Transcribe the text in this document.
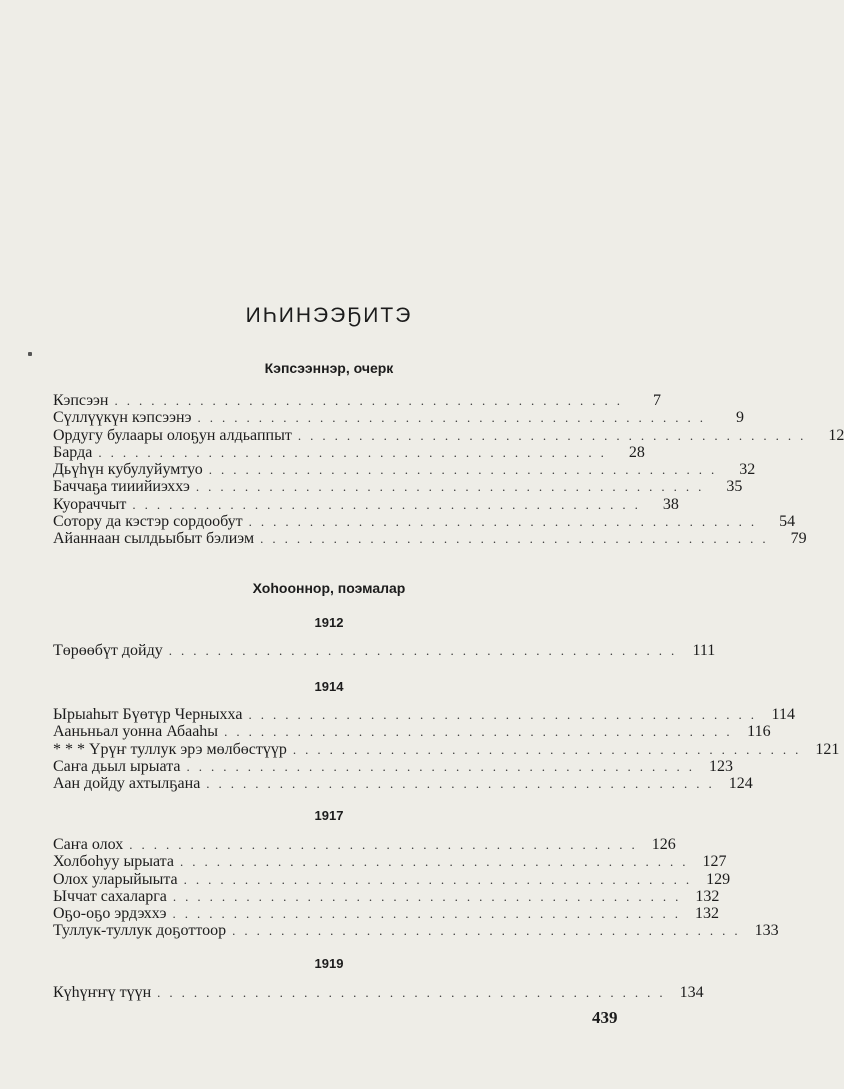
ИҺИНЭЭҔИТЭ
Кэпсээннэр, очерк
Кэпсээн ..........................................	7
Сүллүүкүн кэпсээнэ ..........................................	9
Ордугу булаары олоҕун алдьаппыт ..........................................	12
Барда ..........................................	28
Дьүһүн кубулуйумтуо ..........................................	32
Баччаҕа тииийиэххэ ..........................................	35
Куораччыт ..........................................	38
Сотору да кэстэр сордообут ..........................................	54
Айаннаан сылдьыбыт бэлиэм ..........................................	79
Хоһооннор, поэмалар
1912
Төрөөбүт дойду .......................................... 111
1914
Ырыаһыт Бүөтүр Черныхха .......................................... 114
Ааньньал уонна Абааһы .......................................... 116
* * * Үрүҥ туллук эрэ мөлбөстүүр .......................................... 121
Саҥа дьыл ырыата .......................................... 123
Аан дойду ахтылҕана .......................................... 124
1917
Саҥа олох .......................................... 126
Холбоһуу ырыата .......................................... 127
Олох уларыйыыта .......................................... 129
Ыччат сахаларга .......................................... 132
Оҕо-оҕо эрдэххэ .......................................... 132
Туллук-туллук доҕоттоор .......................................... 133
1919
Күһүҥҥү түүн .......................................... 134
439
